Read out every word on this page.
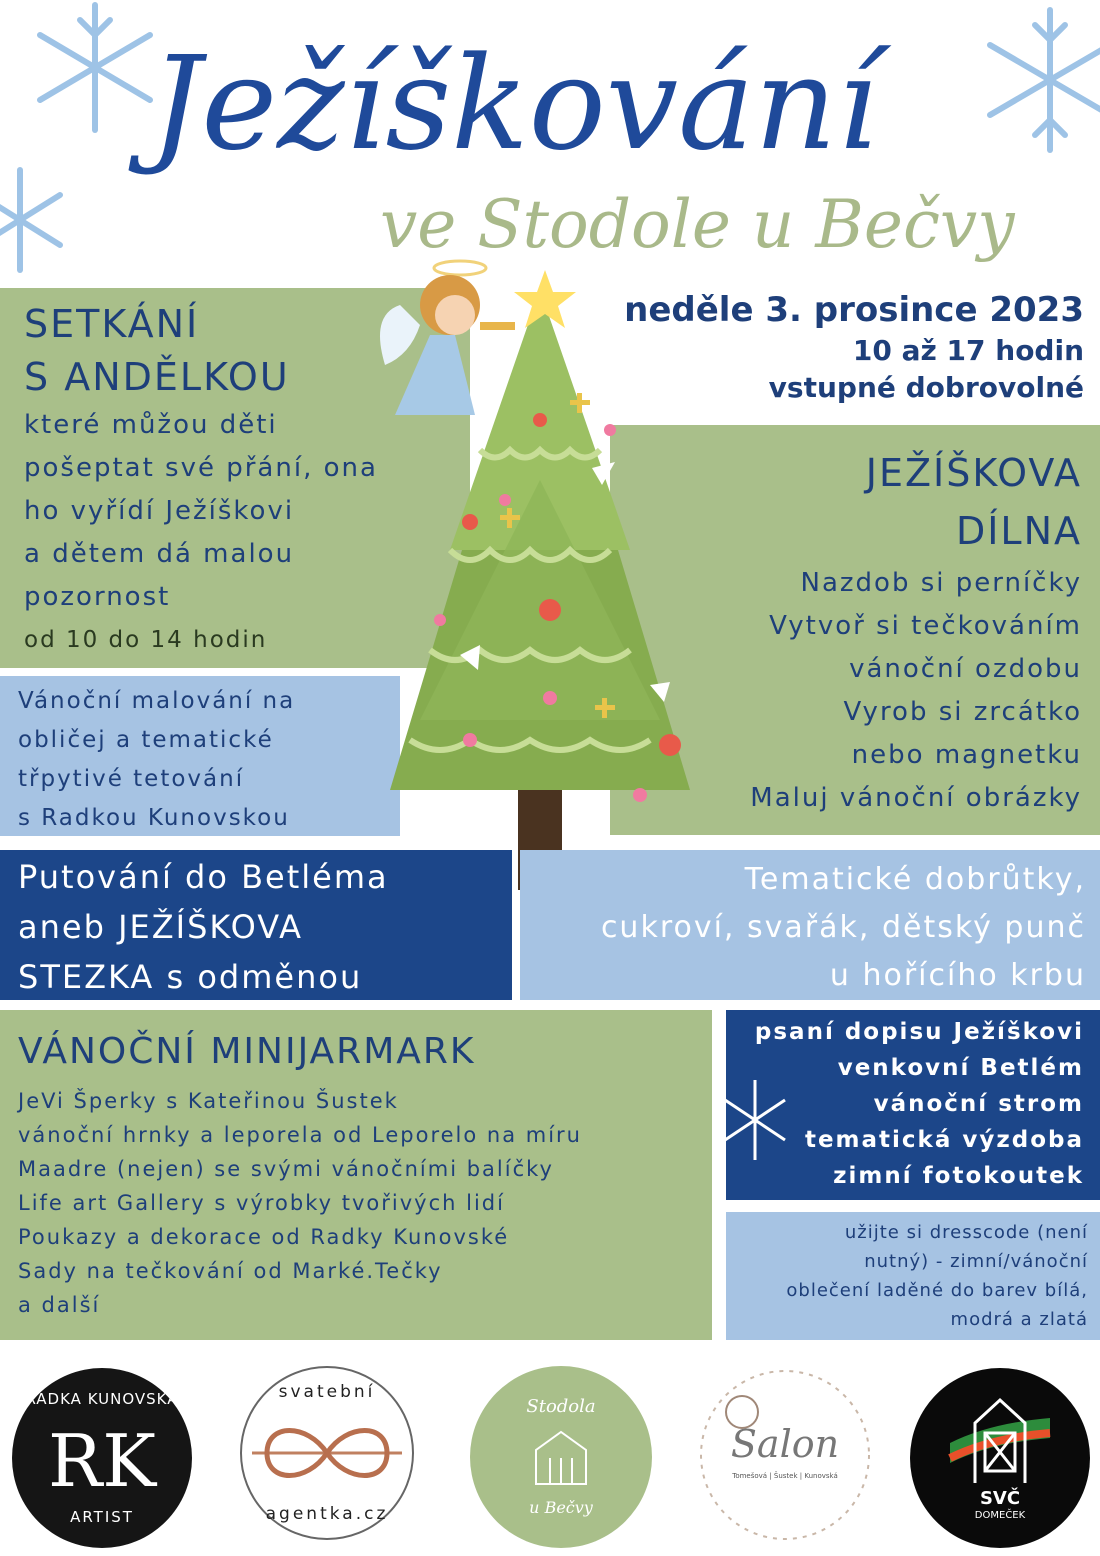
Ježíškování
ve Stodole u Bečvy
neděle 3. prosince 2023
10 až 17 hodin
vstupné dobrovolné
SETKÁNÍ
S ANDĚLKOU
které můžou děti
pošeptat své přání, ona
ho vyřídí Ježíškovi
a dětem dá malou
pozornost
od 10 do 14 hodin
JEŽÍŠKOVA
DÍLNA
Nazdob si perníčky
Vytvoř si tečkováním
vánoční ozdobu
Vyrob si zrcátko
nebo magnetku
Maluj vánoční obrázky
Vánoční malování na
obličej a tematické
třpytivé tetování
s Radkou Kunovskou
Putování do Betléma
aneb JEŽÍŠKOVA
STEZKA s odměnou
Tematické dobrůtky,
cukroví, svařák, dětský punč
u hořícího krbu
VÁNOČNÍ MINIJARMARK
JeVi Šperky s Kateřinou Šustek
vánoční hrnky a leporela od Leporelo na míru
Maadre (nejen) se svými vánočními balíčky
Life art Gallery s výrobky tvořivých lidí
Poukazy a dekorace od Radky Kunovské
Sady na tečkování od Marké.Tečky
a další
psaní dopisu Ježíškovi
venkovní Betlém
vánoční strom
tematická výzdoba
zimní fotokoutek
užijte si dresscode (není
nutný) - zimní/vánoční
oblečení laděné do barev bílá,
modrá a zlatá
RADKA KUNOVSKÁ
RK
ARTIST
svatební
agentka.cz
Stodola
u Bečvy
Salon
Tomešová | Šustek | Kunovská
SVČ
DOMEČEK
